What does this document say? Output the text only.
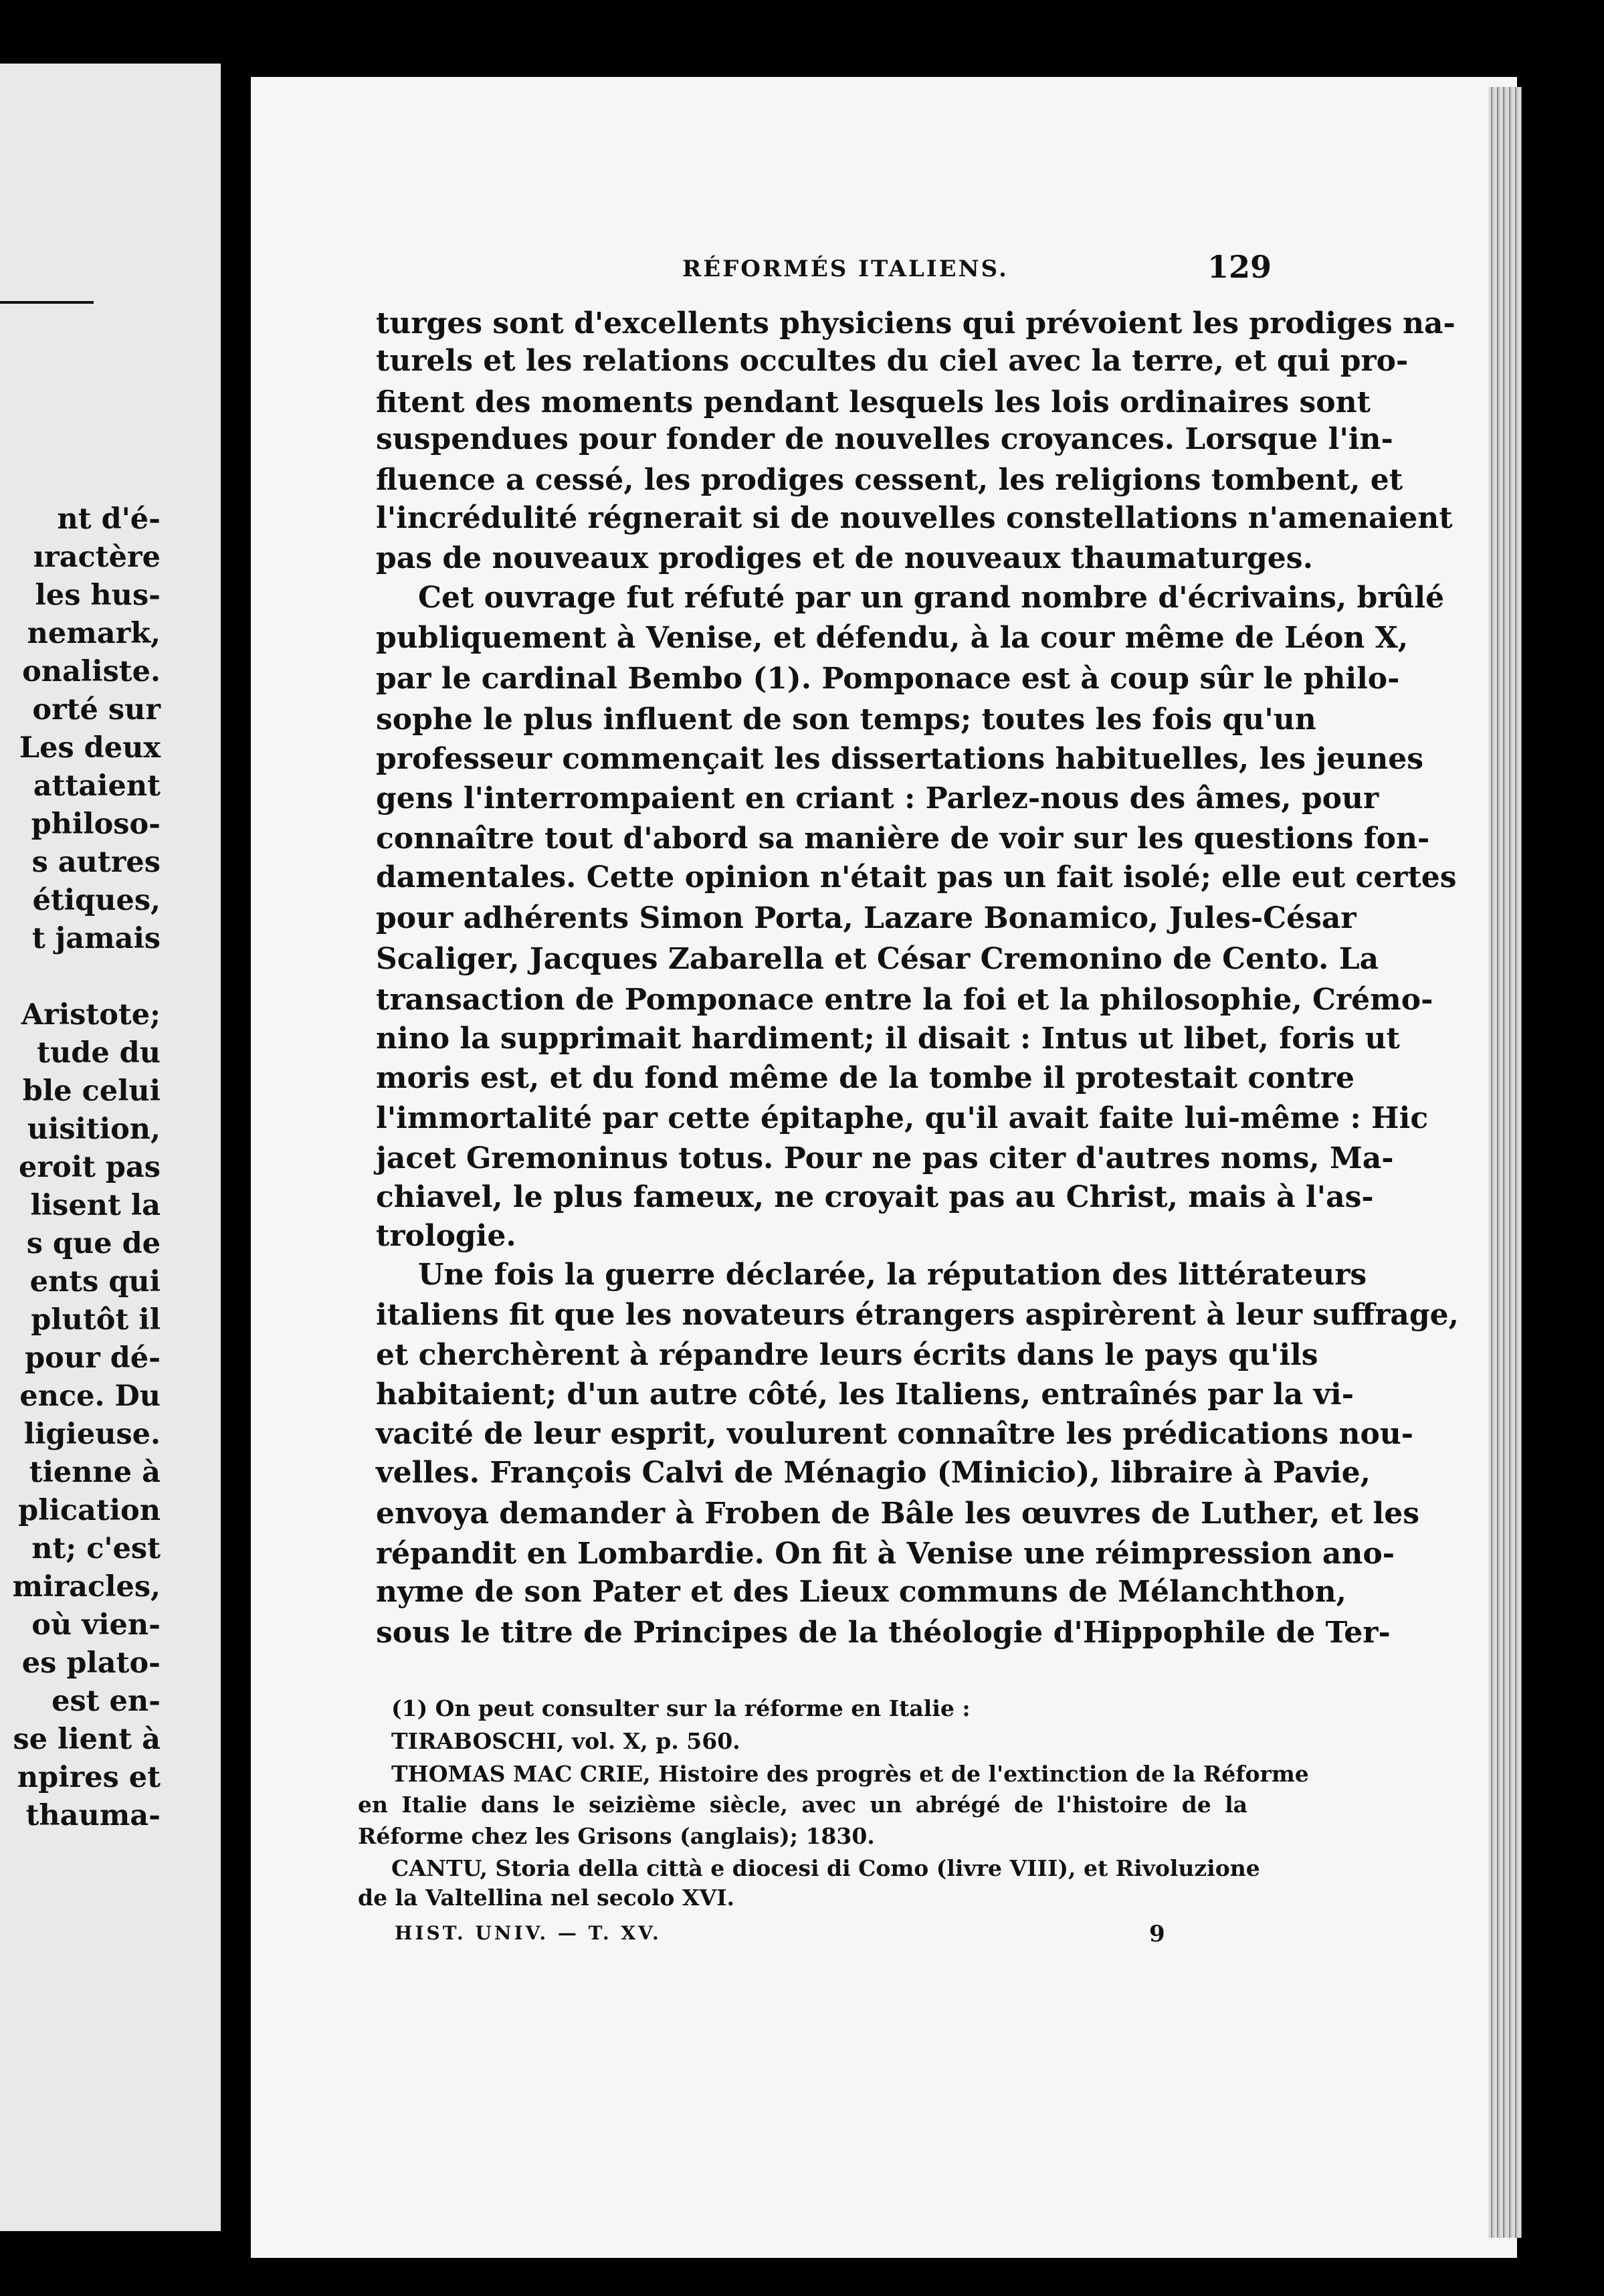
nt d'é-
ıractère
les hus-
nemark,
onaliste.
orté sur
Les deux
attaient
philoso-
s autres
étiques,
t jamais
Aristote;
tude du
ble celui
uisition,
eroit pas
lisent la
s que de
ents qui
plutôt il
pour dé-
ence. Du
ligieuse.
tienne à
plication
nt; c'est
miracles,
où vien-
es plato-
est en-
se lient à
npires et
thauma-
RÉFORMÉS ITALIENS.	129
turges sont d'excellents physiciens qui prévoient les prodiges na-
turels et les relations occultes du ciel avec la terre, et qui pro-
fitent des moments pendant lesquels les lois ordinaires sont
suspendues pour fonder de nouvelles croyances. Lorsque l'in-
fluence a cessé, les prodiges cessent, les religions tombent, et
l'incrédulité régnerait si de nouvelles constellations n'amenaient
pas de nouveaux prodiges et de nouveaux thaumaturges.
Cet ouvrage fut réfuté par un grand nombre d'écrivains, brûlé
publiquement à Venise, et défendu, à la cour même de Léon X,
par le cardinal Bembo (1). Pomponace est à coup sûr le philo-
sophe le plus influent de son temps; toutes les fois qu'un
professeur commençait les dissertations habituelles, les jeunes
gens l'interrompaient en criant : Parlez-nous des âmes, pour
connaître tout d'abord sa manière de voir sur les questions fon-
damentales. Cette opinion n'était pas un fait isolé; elle eut certes
pour adhérents Simon Porta, Lazare Bonamico, Jules-César
Scaliger, Jacques Zabarella et César Cremonino de Cento. La
transaction de Pomponace entre la foi et la philosophie, Crémo-
nino la supprimait hardiment; il disait : Intus ut libet, foris ut
moris est, et du fond même de la tombe il protestait contre
l'immortalité par cette épitaphe, qu'il avait faite lui-même : Hic
jacet Gremoninus totus. Pour ne pas citer d'autres noms, Ma-
chiavel, le plus fameux, ne croyait pas au Christ, mais à l'as-
trologie.
Une fois la guerre déclarée, la réputation des littérateurs
italiens fit que les novateurs étrangers aspirèrent à leur suffrage,
et cherchèrent à répandre leurs écrits dans le pays qu'ils
habitaient; d'un autre côté, les Italiens, entraînés par la vi-
vacité de leur esprit, voulurent connaître les prédications nou-
velles. François Calvi de Ménagio (Minicio), libraire à Pavie,
envoya demander à Froben de Bâle les œuvres de Luther, et les
répandit en Lombardie. On fit à Venise une réimpression ano-
nyme de son Pater et des Lieux communs de Mélanchthon,
sous le titre de Principes de la théologie d'Hippophile de Ter-
(1) On peut consulter sur la réforme en Italie :
TIRABOSCHI, vol. X, p. 560.
THOMAS MAC CRIE, Histoire des progrès et de l'extinction de la Réforme
en Italie dans le seizième siècle, avec un abrégé de l'histoire de la
Réforme chez les Grisons (anglais); 1830.
CANTU, Storia della città e diocesi di Como (livre VIII), et Rivoluzione
de la Valtellina nel secolo XVI.
HIST. UNIV. — T. XV.	9
